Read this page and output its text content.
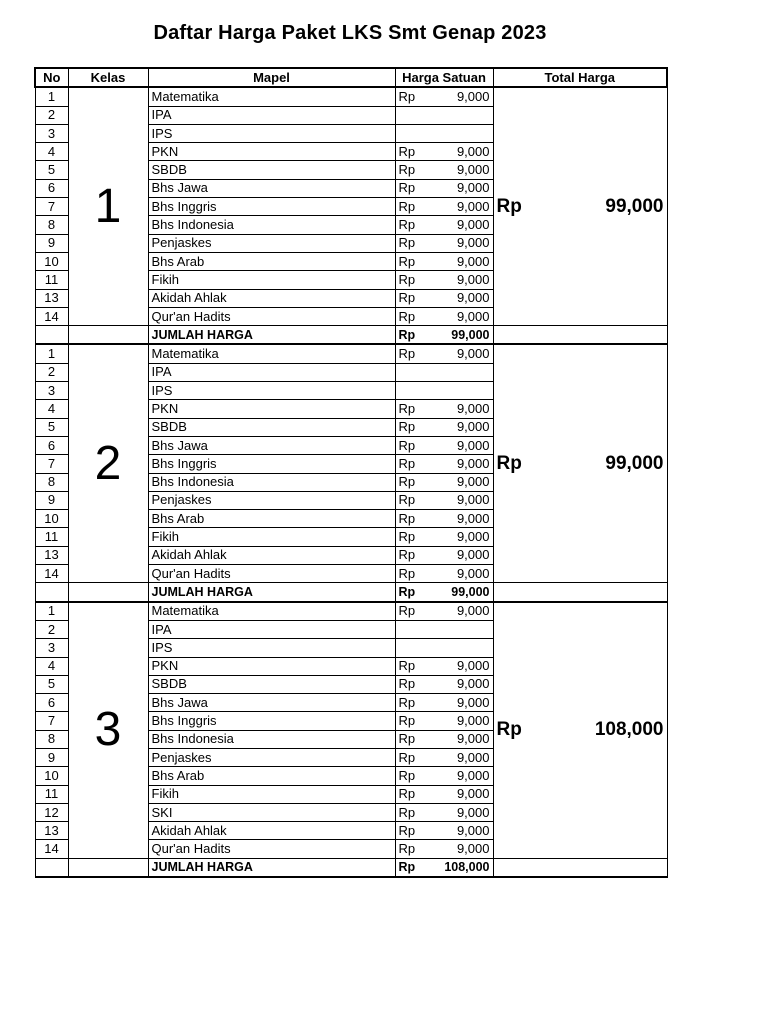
Daftar Harga Paket LKS Smt Genap 2023
No	Kelas	Mapel	Harga Satuan	Total Harga
1	1	Matematika	Rp 9,000	Rp 99,000

2		IPA		

3		IPS		

4		PKN	Rp 9,000	

5		SBDB	Rp 9,000	

6		Bhs Jawa	Rp 9,000	

7		Bhs Inggris	Rp 9,000	

8		Bhs Indonesia	Rp 9,000	

9		Penjaskes	Rp 9,000	

10		Bhs Arab	Rp 9,000	

11		Fikih	Rp 9,000	

13		Akidah Ahlak	Rp 9,000	

14		Qur'an Hadits	Rp 9,000	

		JUMLAH HARGA	Rp 99,000	

1	2	Matematika	Rp 9,000	Rp 99,000

2		IPA		

3		IPS		

4		PKN	Rp 9,000	

5		SBDB	Rp 9,000	

6		Bhs Jawa	Rp 9,000	

7		Bhs Inggris	Rp 9,000	

8		Bhs Indonesia	Rp 9,000	

9		Penjaskes	Rp 9,000	

10		Bhs Arab	Rp 9,000	

11		Fikih	Rp 9,000	

13		Akidah Ahlak	Rp 9,000	

14		Qur'an Hadits	Rp 9,000	

		JUMLAH HARGA	Rp 99,000	

1	3	Matematika	Rp 9,000	Rp 108,000

2		IPA		

3		IPS		

4		PKN	Rp 9,000	

5		SBDB	Rp 9,000	

6		Bhs Jawa	Rp 9,000	

7		Bhs Inggris	Rp 9,000	

8		Bhs Indonesia	Rp 9,000	

9		Penjaskes	Rp 9,000	

10		Bhs Arab	Rp 9,000	

11		Fikih	Rp 9,000	

12		SKI	Rp 9,000	

13		Akidah Ahlak	Rp 9,000	

14		Qur'an Hadits	Rp 9,000	

		JUMLAH HARGA	Rp 108,000	
